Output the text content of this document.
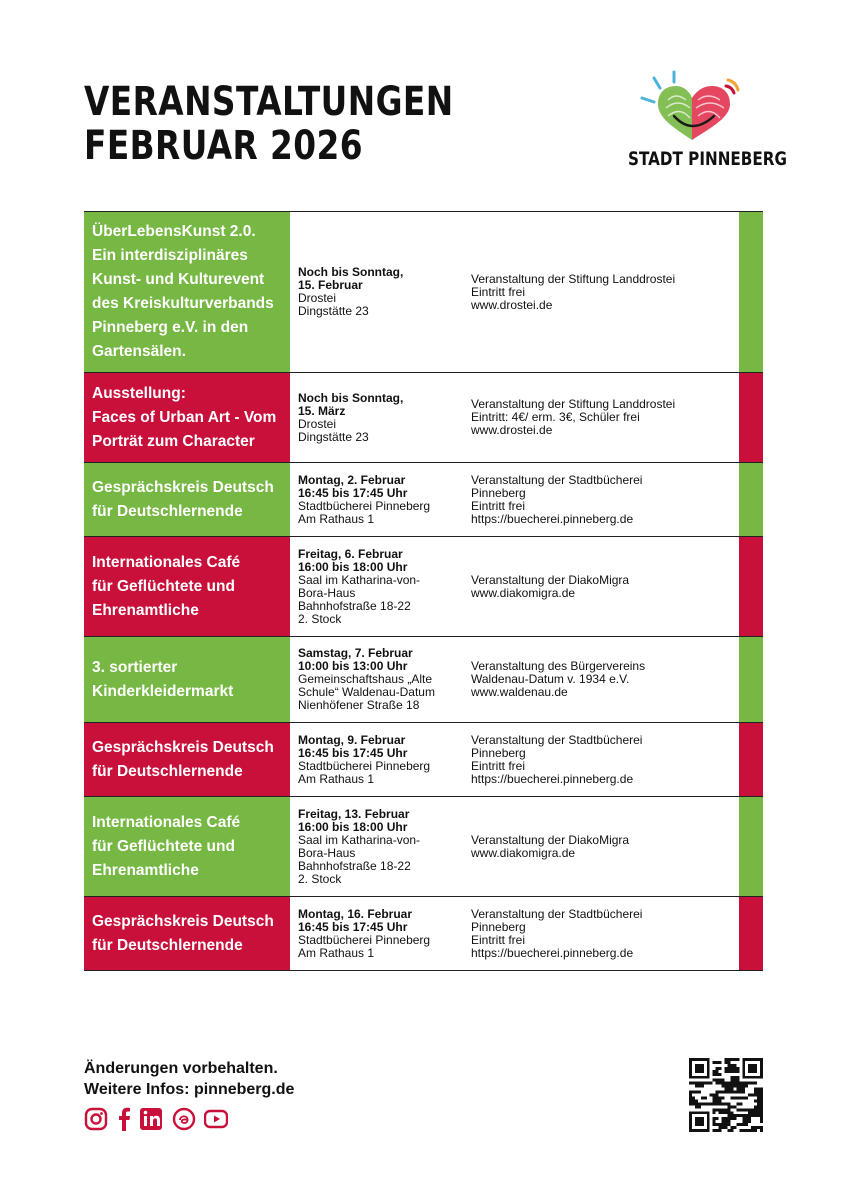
VERANSTALTUNGEN
FEBRUAR 2026	STADT PINNEBERG
ÜberLebensKunst 2.0.
Ein interdisziplinäres
Kunst- und Kulturevent
des Kreiskulturverbands
Pinneberg e.V. in den
Gartensälen.
Noch bis Sonntag,
15. Februar
Drostei
Dingstätte 23
Veranstaltung der Stiftung Landdrostei
Eintritt frei
www.drostei.de
Ausstellung:
Faces of Urban Art - Vom
Porträt zum Character
Noch bis Sonntag,
15. März
Drostei
Dingstätte 23
Veranstaltung der Stiftung Landdrostei
Eintritt: 4€/ erm. 3€, Schüler frei
www.drostei.de
Gesprächskreis Deutsch
für Deutschlernende
Montag, 2. Februar
16:45 bis 17:45 Uhr
Stadtbücherei Pinneberg
Am Rathaus 1
Veranstaltung der Stadtbücherei
Pinneberg
Eintritt frei
https://buecherei.pinneberg.de
Internationales Café
für Geflüchtete und
Ehrenamtliche
Freitag, 6. Februar
16:00 bis 18:00 Uhr
Saal im Katharina-von-
Bora-Haus
Bahnhofstraße 18-22
2. Stock
Veranstaltung der DiakoMigra
www.diakomigra.de
3. sortierter
Kinderkleidermarkt
Samstag, 7. Februar
10:00 bis 13:00 Uhr
Gemeinschaftshaus „Alte
Schule“ Waldenau-Datum
Nienhöfener Straße 18
Veranstaltung des Bürgervereins
Waldenau-Datum v. 1934 e.V.
www.waldenau.de
Gesprächskreis Deutsch
für Deutschlernende
Montag, 9. Februar
16:45 bis 17:45 Uhr
Stadtbücherei Pinneberg
Am Rathaus 1
Veranstaltung der Stadtbücherei
Pinneberg
Eintritt frei
https://buecherei.pinneberg.de
Internationales Café
für Geflüchtete und
Ehrenamtliche
Freitag, 13. Februar
16:00 bis 18:00 Uhr
Saal im Katharina-von-
Bora-Haus
Bahnhofstraße 18-22
2. Stock
Veranstaltung der DiakoMigra
www.diakomigra.de
Gesprächskreis Deutsch
für Deutschlernende
Montag, 16. Februar
16:45 bis 17:45 Uhr
Stadtbücherei Pinneberg
Am Rathaus 1
Veranstaltung der Stadtbücherei
Pinneberg
Eintritt frei
https://buecherei.pinneberg.de
Änderungen vorbehalten.
Weitere Infos: pinneberg.de
